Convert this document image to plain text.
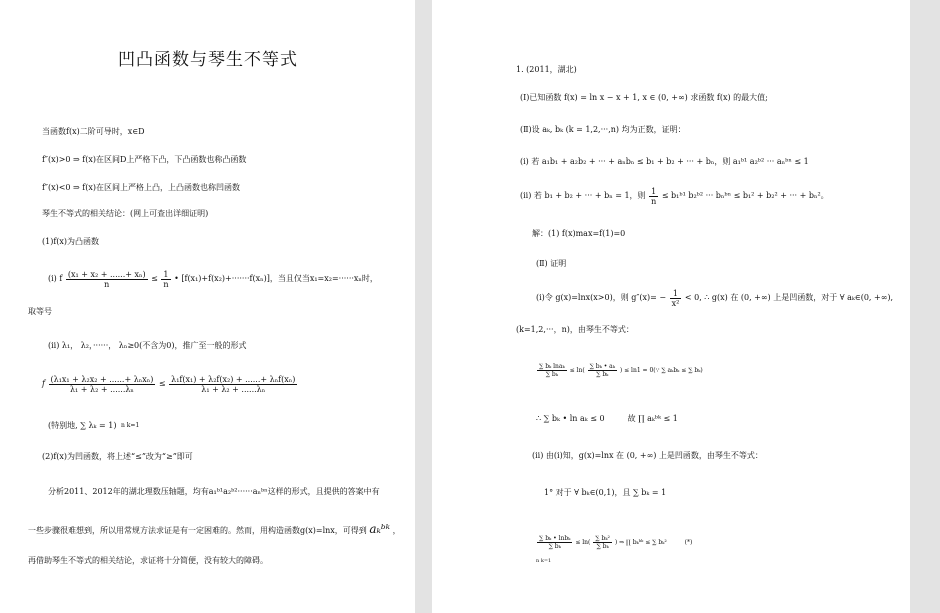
凹凸函数与琴生不等式
当函数f(x)二阶可导时，x∈D
f″(x)>0 ⇒ f(x)在区间D上严格下凸，下凸函数也称凸函数
f″(x)<0 ⇒ f(x)在区间上严格上凸，上凸函数也称凹函数
琴生不等式的相关结论：(网上可查出详细证明)
(1)f(x)为凸函数
(i) f $\frac{\text{(x₁ + x₂ + ......+ xₙ)}}{n} \le \frac{1}{n}$ • [f(x₁)+f(x₂)+·······f(xₙ)]，当且仅当x₁=x₂=······xₙ时，
取等号
(ii) λ₁， λ₂，······， λₙ≥0(不含为0)，推广至一般的形式
f $\frac{\text{(λ₁x₁ + λ₂x₂ + ......+ λₙxₙ)}}{\text{λ₁ + λ₂ + ......λₙ}} \le \frac{\text{λ₁f(x₁) + λ₂f(x₂) + ......+ λₙf(xₙ)}}{\text{λ₁ + λ₂ + ......λₙ}}$
(特别地, ∑ λₖ = 1) n k=1
(2)f(x)为凹函数，将上述“≤”改为“≥”即可
分析2011、2012年的湖北理数压轴题，均有a₁ᵇ¹a₂ᵇ²······aₙᵇⁿ这样的形式，且提供的答案中有
一些步骤很难想到，所以用常规方法求证是有一定困难的。然而，用构造函数g(x)=lnx，可得到 aₖᵇᵏ ，
再借助琴生不等式的相关结论，求证将十分简便，没有较大的障碍。
1. (2011，湖北)
(Ⅰ)已知函数 f(x) = ln x − x + 1, x ∈ (0, +∞) 求函数 f(x) 的最大值;
(Ⅱ)设 aₖ, bₖ (k = 1,2,···,n) 均为正数，证明：
(i) 若 a₁b₁ + a₂b₂ + ··· + aₙbₙ ≤ b₁ + b₂ + ··· + bₙ，则 a₁ᵇ¹ a₂ᵇ² ··· aₙᵇⁿ ≤ 1
(ii) 若 b₁ + b₂ + ··· + bₙ = 1，则 $\frac{1}{n}$ ≤ b₁ᵇ¹ b₂ᵇ² ··· bₙᵇⁿ ≤ b₁² + b₂² + ··· + bₙ²。
解：(1) f(x)max=f(1)=0
(Ⅱ) 证明
(i)令 g(x)=lnx(x>0)，则 $g''(x)= - \frac{1}{\text{x²}} < 0$, ∴ g(x) 在 (0, +∞) 上是凹函数，对于 ∀ aₖ∈(0, +∞),
(k=1,2,···，n)，由琴生不等式：
$\frac{\text{∑ bₖ lnaₖ}}{\text{∑ bₖ}} \le \ln( \frac{\text{∑ bₖ • aₖ}}{\text{∑ bₖ}}$ ) ≤ ln1 = 0(∵ ∑ aₖbₖ ≤ ∑ bₖ)
∴ ∑ bₖ • ln aₖ ≤ 0	故 ∏ aₖᵇᵏ ≤ 1
(ii) 由(i)知，g(x)=lnx 在 (0, +∞) 上是凹函数，由琴生不等式：
1° 对于 ∀ bₖ∈(0,1)，且 ∑ bₖ = 1
$\frac{\text{∑ bₖ • lnbₖ}}{\text{∑ bₖ}} \le \ln( \frac{\text{∑ bₖ²}}{\text{∑ bₖ}}$ ) ⇒ ∏ bₖᵇᵏ ≤ ∑ bₖ²	(*)
n k=1
